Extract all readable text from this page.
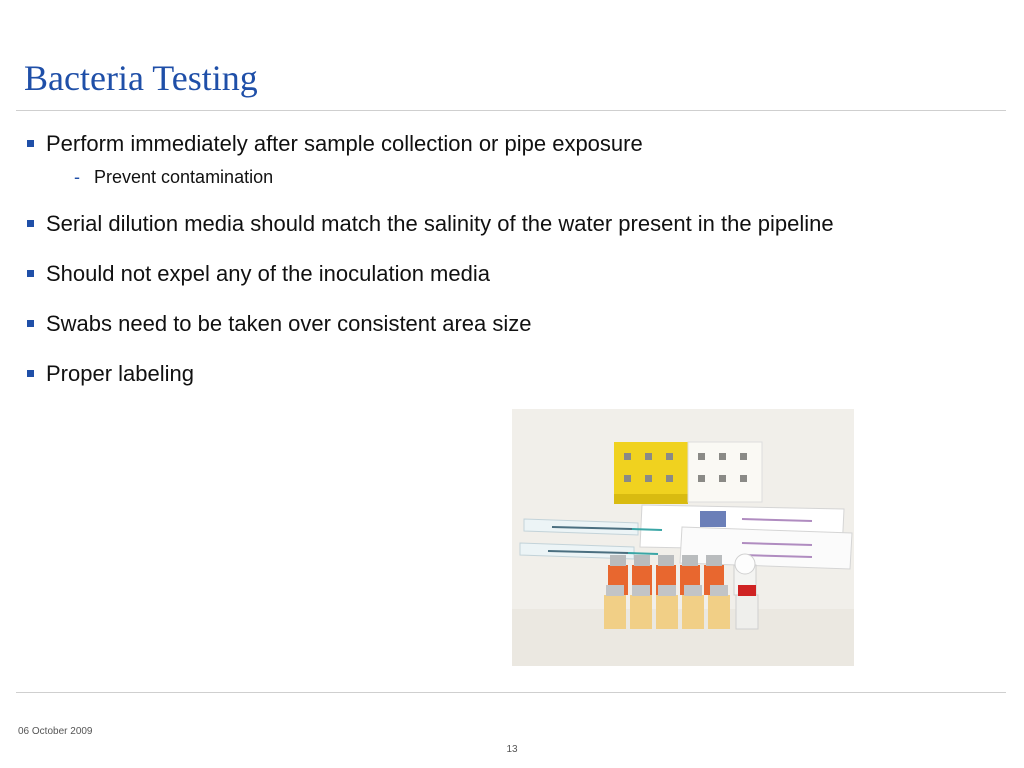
Bacteria Testing
Perform immediately after sample collection or pipe exposure
- Prevent contamination
Serial dilution media should match the salinity of the water present in the pipeline
Should not expel any of the inoculation media
Swabs need to be taken over consistent area size
Proper labeling
06 October 2009
13
